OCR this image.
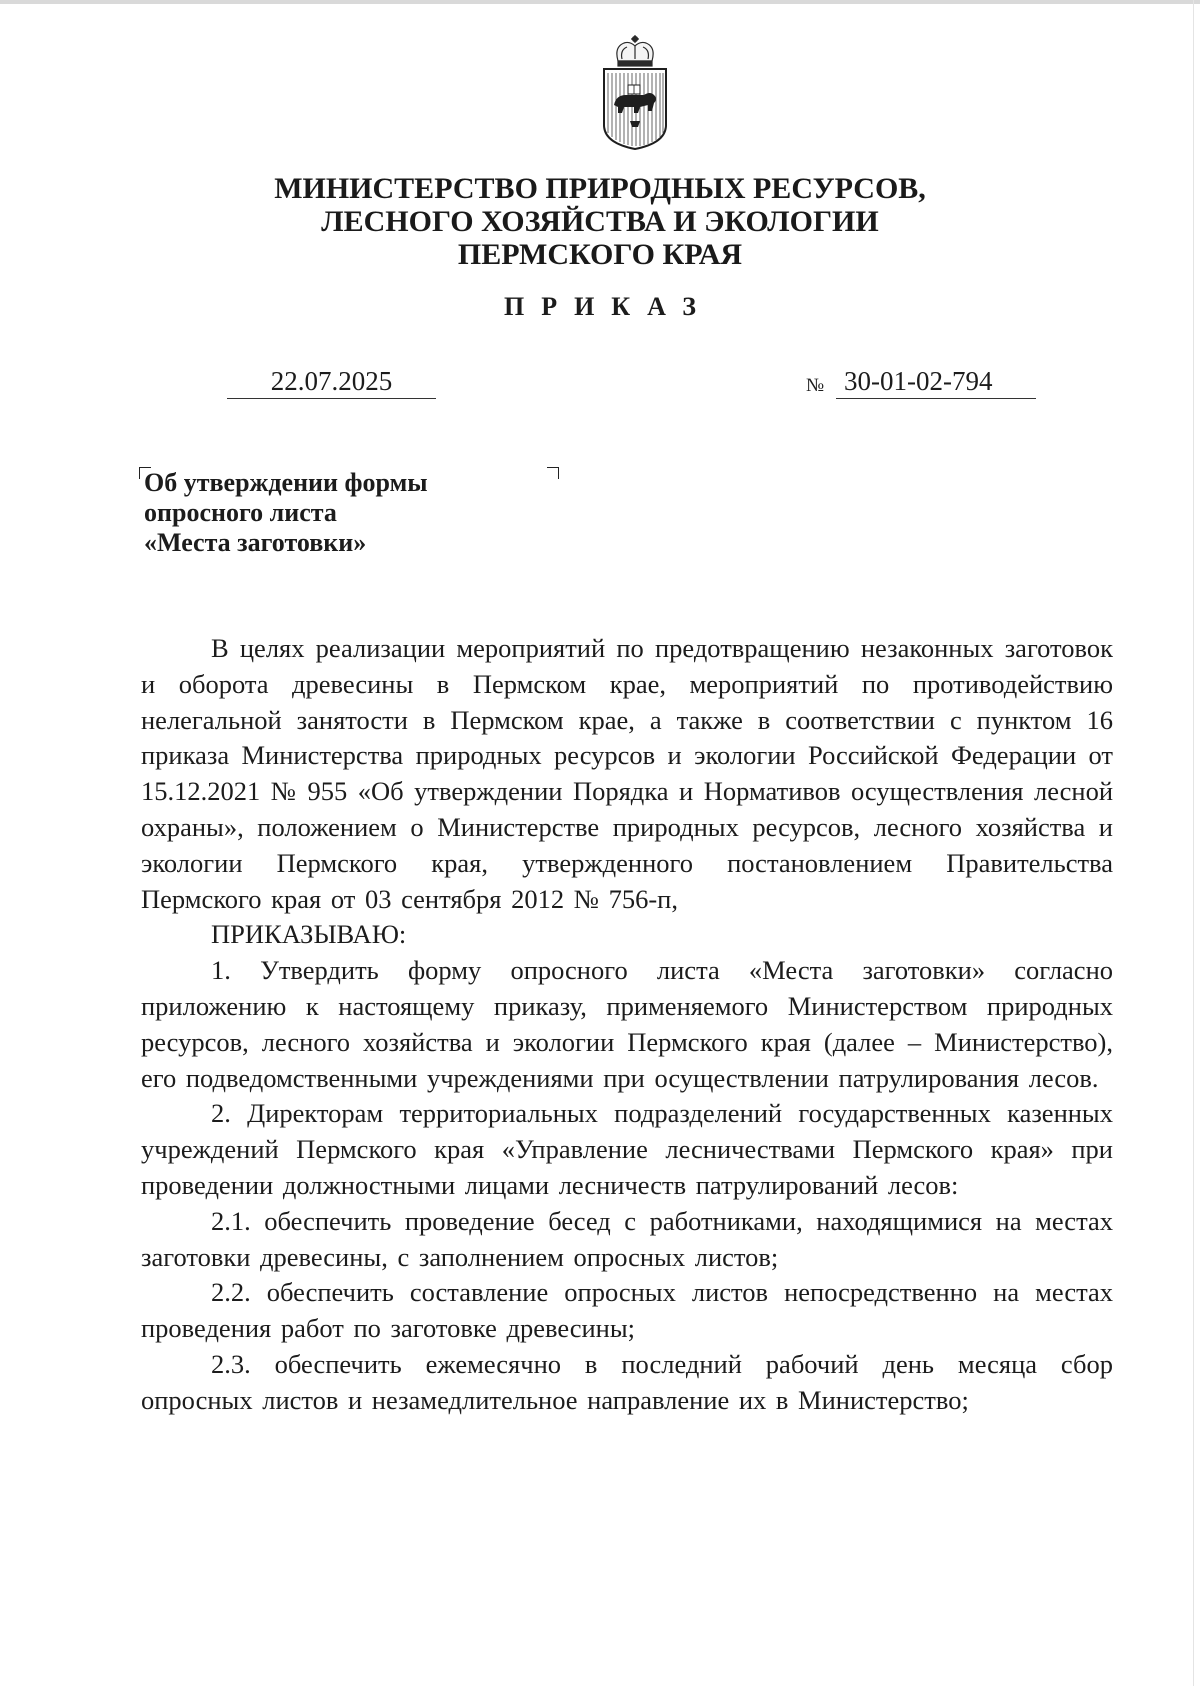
МИНИСТЕРСТВО ПРИРОДНЫХ РЕСУРСОВ,
ЛЕСНОГО ХОЗЯЙСТВА И ЭКОЛОГИИ
ПЕРМСКОГО КРАЯ
ПРИКАЗ
22.07.2025	№ 30-01-02-794
Об утверждении формы
опросного листа
«Места заготовки»

В целях реализации мероприятий по предотвращению незаконных заготовок и оборота древесины в Пермском крае, мероприятий по противодействию нелегальной занятости в Пермском крае, а также в соответствии с пунктом 16 приказа Министерства природных ресурсов и экологии Российской Федерации от 15.12.2021 № 955 «Об утверждении Порядка и Нормативов осуществления лесной охраны», положением о Министерстве природных ресурсов, лесного хозяйства и экологии Пермского края, утвержденного постановлением Правительства Пермского края от 03 сентября 2012 № 756-п,

ПРИКАЗЫВАЮ:

1. Утвердить форму опросного листа «Места заготовки» согласно приложению к настоящему приказу, применяемого Министерством природных ресурсов, лесного хозяйства и экологии Пермского края (далее – Министерство), его подведомственными учреждениями при осуществлении патрулирования лесов.

2. Директорам территориальных подразделений государственных казенных учреждений Пермского края «Управление лесничествами Пермского края» при проведении должностными лицами лесничеств патрулирований лесов:

2.1. обеспечить проведение бесед с работниками, находящимися на местах заготовки древесины, с заполнением опросных листов;

2.2. обеспечить составление опросных листов непосредственно на местах проведения работ по заготовке древесины;

2.3. обеспечить ежемесячно в последний рабочий день месяца сбор опросных листов и незамедлительное направление их в Министерство;
